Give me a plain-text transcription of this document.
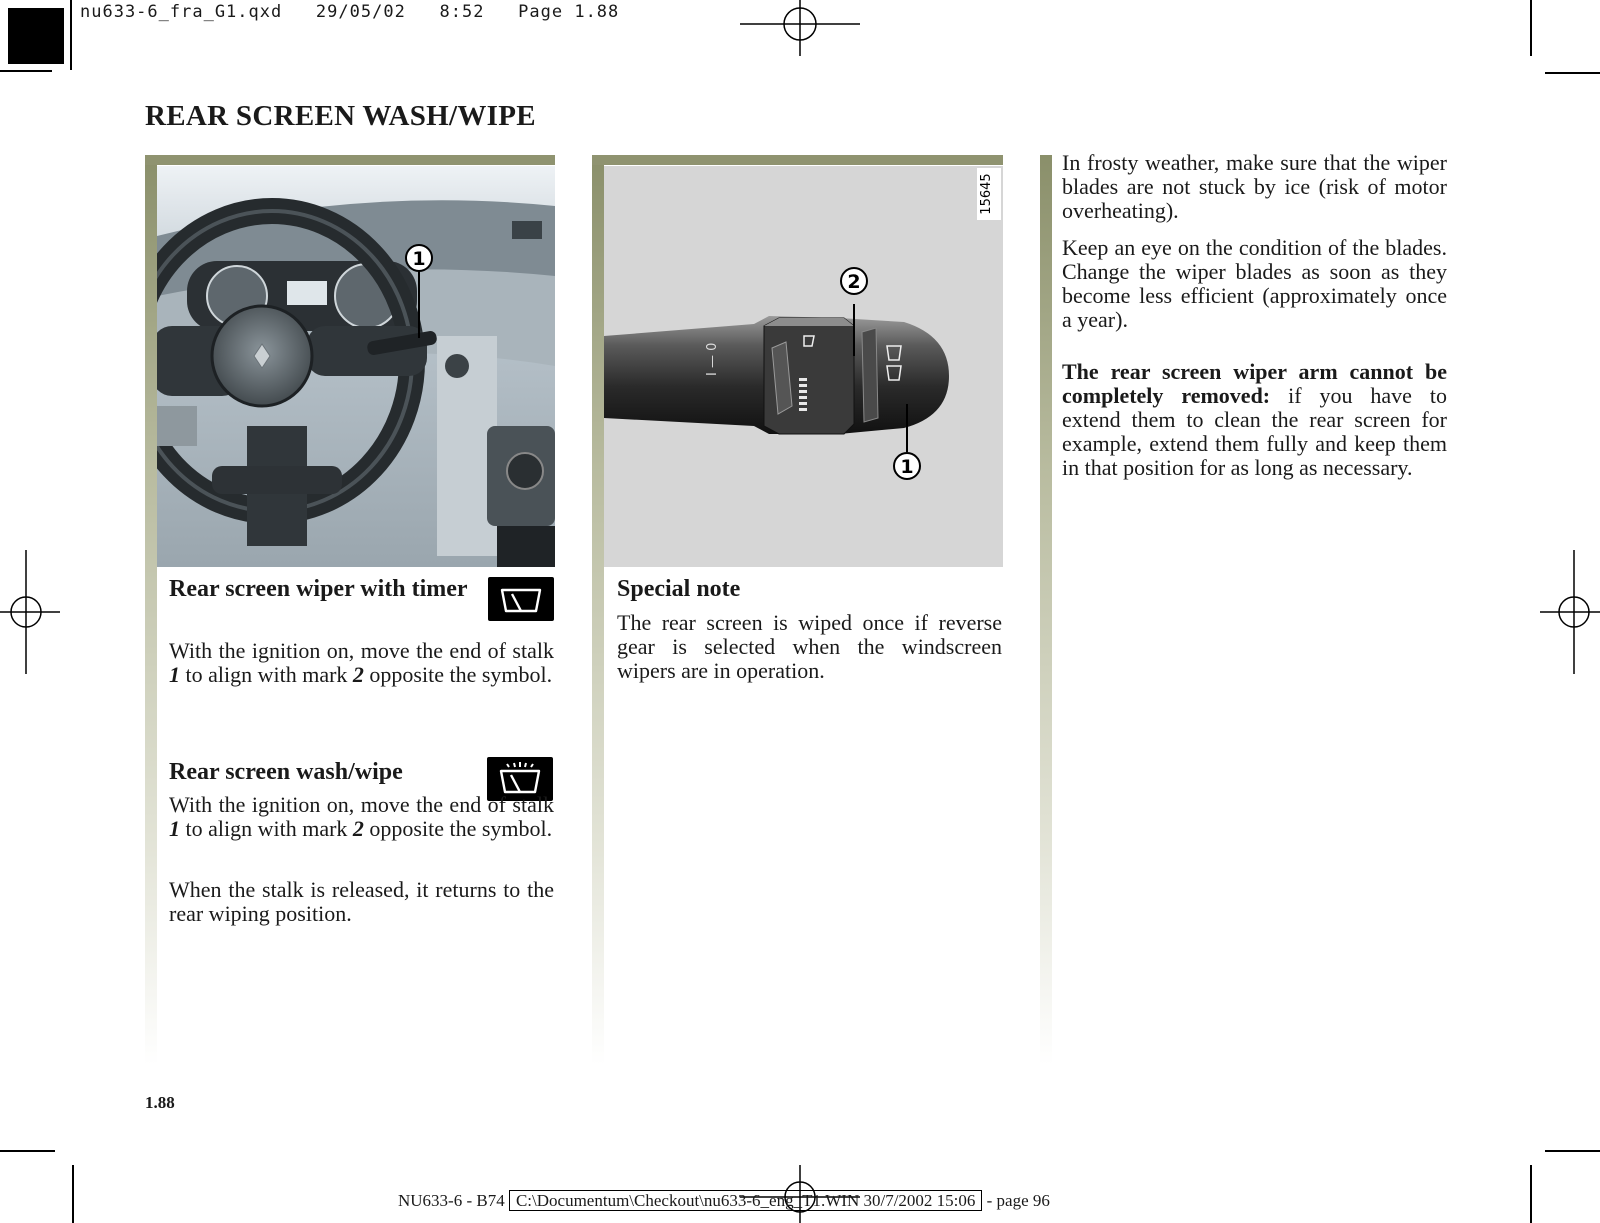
nu633-6_fra_G1.qxd   29/05/02   8:52   Page 1.88
REAR SCREEN WASH/WIPE
1
Rear screen wiper with timer
With the ignition on, move the end of stalk 1 to align with mark 2 opposite the symbol.
Rear screen wash/wipe
With the ignition on, move the end of stalk 1 to align with mark 2 opposite the symbol.
When the stalk is released, it returns to the rear wiping position.
15645
I — 0
2
1
Special note
The rear screen is wiped once if reverse gear is selected when the windscreen wipers are in operation.
In frosty weather, make sure that the wiper blades are not stuck by ice (risk of motor overheating).
Keep an eye on the condition of the blades. Change the wiper blades as soon as they become less efficient (approximately once a year).
The rear screen wiper arm cannot be completely removed: if you have to extend them to clean the rear screen for example, extend them fully and keep them in that position for as long as necessary.
1.88
NU633-6 - B74 C:\Documentum\Checkout\nu633-6_eng_T1.WIN 30/7/2002 15:06 - page 96
